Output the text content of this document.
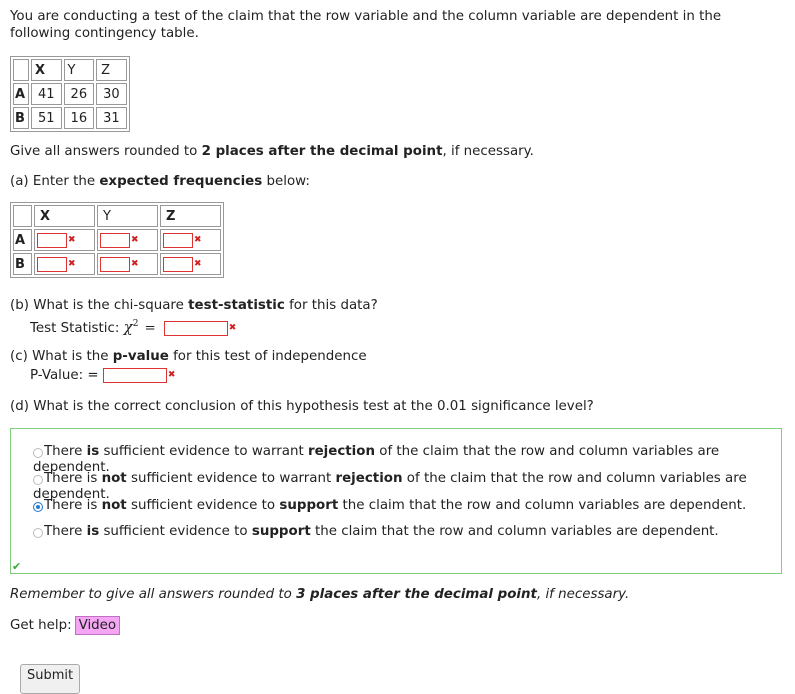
You are conducting a test of the claim that the row variable and the column variable are dependent in the following contingency table.
	X	Y	Z
A	41	26	30
B	51	16	31
Give all answers rounded to 2 places after the decimal point, if necessary.
(a) Enter the expected frequencies below:
	X	Y	Z
A	✖	✖	✖
B	✖	✖	✖
(b) What is the chi-square test-statistic for this data?
Test Statistic: $\chi^2$ =	✖
(c) What is the p-value for this test of independence
P-Value: =	✖
(d) What is the correct conclusion of this hypothesis test at the 0.01 significance level?
There is sufficient evidence to warrant rejection of the claim that the row and column variables are dependent.
There is not sufficient evidence to warrant rejection of the claim that the row and column variables are dependent.
There is not sufficient evidence to support the claim that the row and column variables are dependent.
There is sufficient evidence to support the claim that the row and column variables are dependent.
✔
Remember to give all answers rounded to 3 places after the decimal point, if necessary.
Get help: Video
Submit
